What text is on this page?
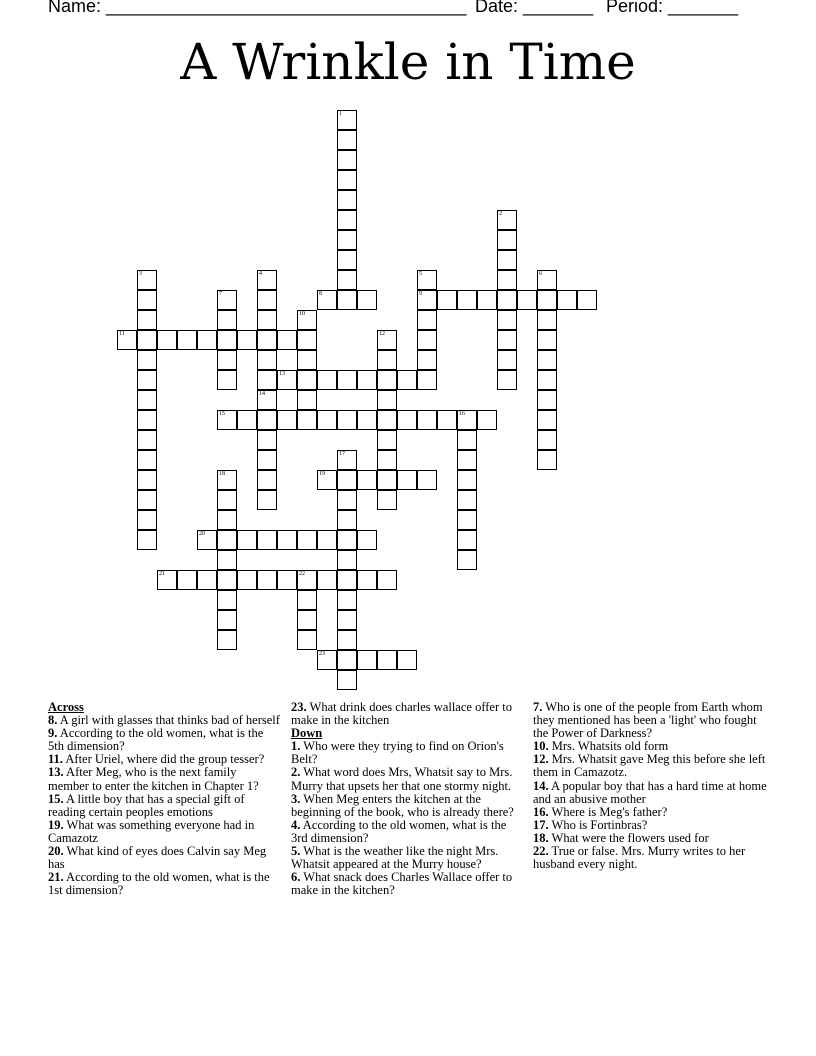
Name: ____________________________________ Date: _______ Period: _______
A Wrinkle in Time
1
2
3	4
14
5
9
6
7	8
10
11	12
13
15	16
17
18	19
20
21	22
23
Across
8. A girl with glasses that thinks bad of herself
9. According to the old women, what is the 5th dimension?
11. After Uriel, where did the group tesser?
13. After Meg, who is the next family member to enter the kitchen in Chapter 1?
15. A little boy that has a special gift of reading certain peoples emotions
19. What was something everyone had in Camazotz
20. What kind of eyes does Calvin say Meg has
21. According to the old women, what is the 1st dimension?
23. What drink does charles wallace offer to make in the kitchen
Down
1. Who were they trying to find on Orion's Belt?
2. What word does Mrs, Whatsit say to Mrs. Murry that upsets her that one stormy night.
3. When Meg enters the kitchen at the beginning of the book, who is already there?
4. According to the old women, what is the 3rd dimension?
5. What is the weather like the night Mrs. Whatsit appeared at the Murry house?
6. What snack does Charles Wallace offer to make in the kitchen?
7. Who is one of the people from Earth whom they mentioned has been a 'light' who fought the Power of Darkness?
10. Mrs. Whatsits old form
12. Mrs. Whatsit gave Meg this before she left them in Camazotz.
14. A popular boy that has a hard time at home and an abusive mother
16. Where is Meg's father?
17. Who is Fortinbras?
18. What were the flowers used for
22. True or false. Mrs. Murry writes to her husband every night.
